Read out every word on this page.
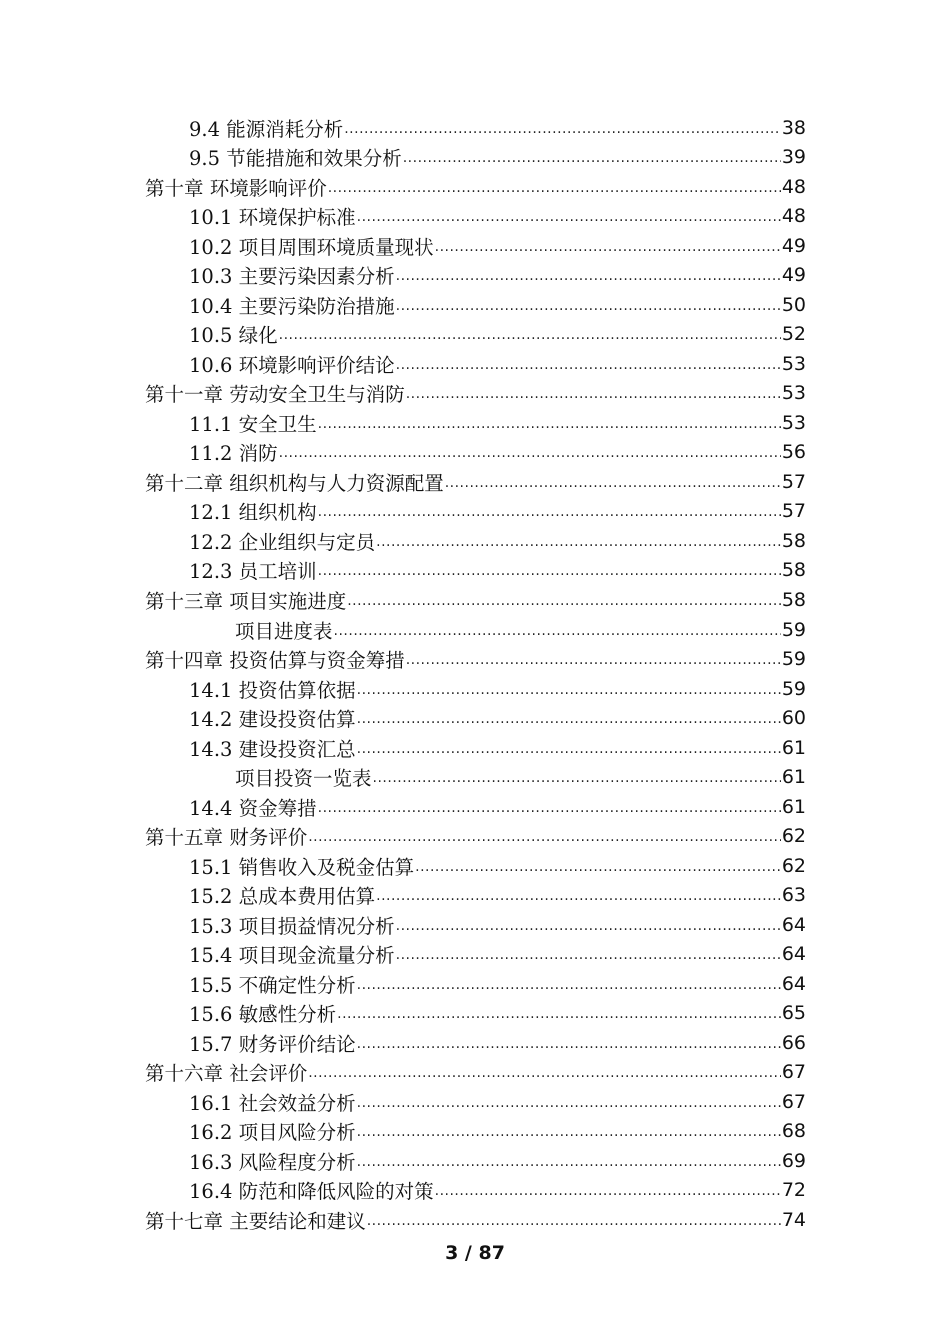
9.4 能源消耗分析 .....	38
9.5 节能措施和效果分析 .....	39
第十章 环境影响评价 .....	48
10.1 环境保护标准 .....	48
10.2 项目周围环境质量现状 .....	49
10.3 主要污染因素分析 .....	49
10.4 主要污染防治措施 .....	50
10.5 绿化 .....	52
10.6 环境影响评价结论 .....	53
第十一章 劳动安全卫生与消防 .....	53
11.1 安全卫生 .....	53
11.2 消防 .....	56
第十二章 组织机构与人力资源配置 .....	57
12.1 组织机构 .....	57
12.2 企业组织与定员 .....	58
12.3 员工培训 .....	58
第十三章 项目实施进度 .....	58
项目进度表 .....	59
第十四章 投资估算与资金筹措 .....	59
14.1 投资估算依据 .....	59
14.2 建设投资估算 .....	60
14.3 建设投资汇总 .....	61
项目投资一览表 .....	61
14.4 资金筹措 .....	61
第十五章 财务评价 .....	62
15.1 销售收入及税金估算 .....	62
15.2 总成本费用估算 .....	63
15.3 项目损益情况分析 .....	64
15.4 项目现金流量分析 .....	64
15.5 不确定性分析 .....	64
15.6 敏感性分析 .....	65
15.7 财务评价结论 .....	66
第十六章 社会评价 .....	67
16.1 社会效益分析 .....	67
16.2 项目风险分析 .....	68
16.3 风险程度分析 .....	69
16.4 防范和降低风险的对策 .....	72
第十七章 主要结论和建议 .....	74
3 / 87
